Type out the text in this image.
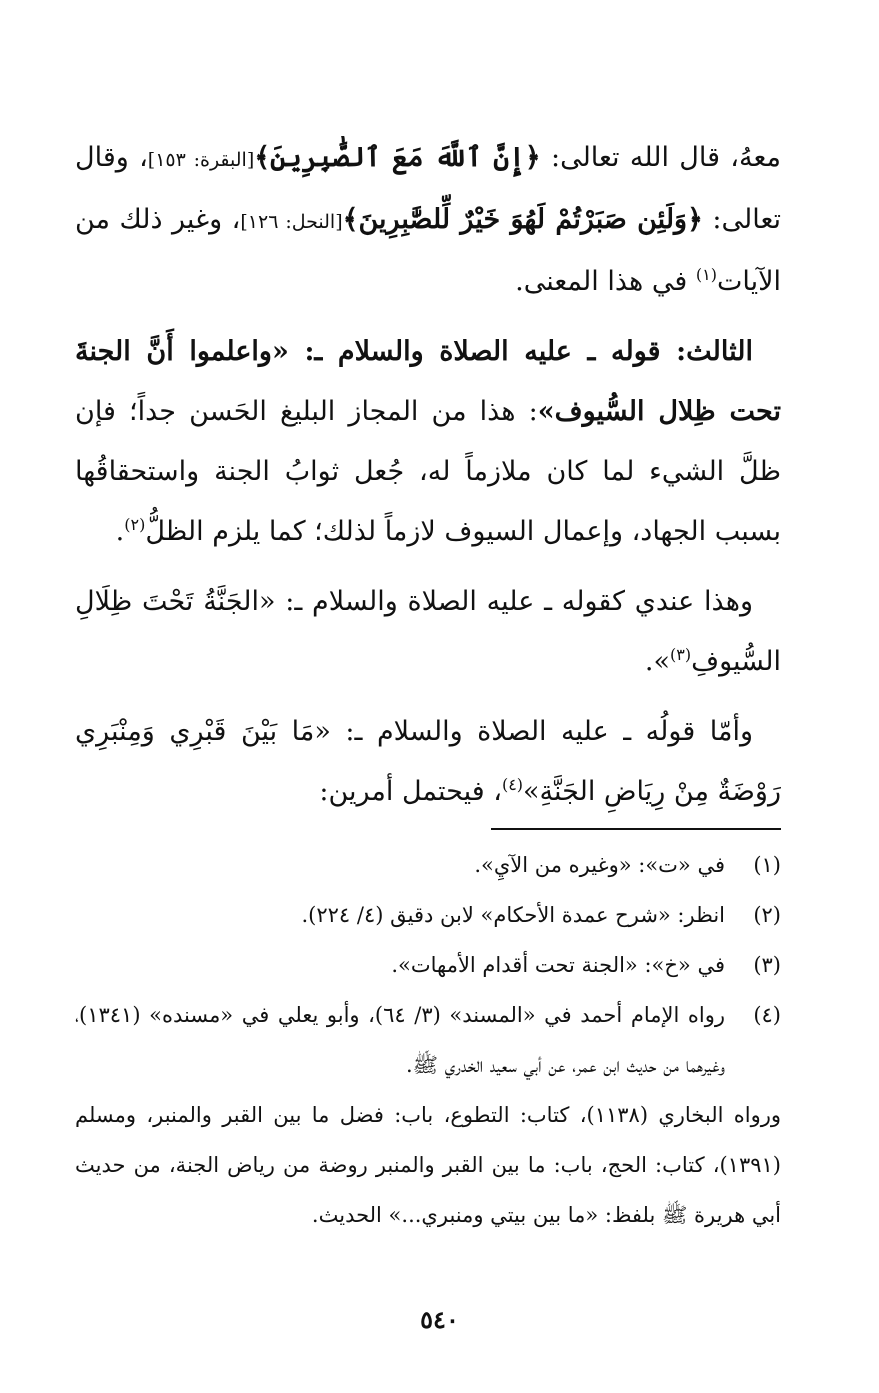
معهُ، قال الله تعالى: ﴿إِنَّ ٱللَّهَ مَعَ ٱلصَّٰبِرِينَ﴾[البقرة: ١٥٣]، وقال تعالى: ﴿وَلَئِن صَبَرْتُمْ لَهُوَ خَيْرٌ لِّلصَّٰبِرِينَ﴾[النحل: ١٢٦]، وغير ذلك من الآيات$^{(١)}$ في هذا المعنى.

الثالث: قوله ـ عليه الصلاة والسلام ـ: «واعلموا أَنَّ الجنةَ تحت ظِلال السُّيوف»: هذا من المجاز البليغ الحَسن جداً؛ فإن ظلَّ الشيء لما كان ملازماً له، جُعل ثوابُ الجنة واستحقاقُها بسبب الجهاد، وإعمال السيوف لازماً لذلك؛ كما يلزم الظلُّ$^{(٢)}$.

وهذا عندي كقوله ـ عليه الصلاة والسلام ـ: «الجَنَّةُ تَحْتَ ظِلَالِ السُّيوفِ$^{(٣)}$».

وأمّا قولُه ـ عليه الصلاة والسلام ـ: «مَا بَيْنَ قَبْرِي وَمِنْبَرِي رَوْضَةٌ مِنْ رِيَاضِ الجَنَّةِ»$^{(٤)}$، فيحتمل أمرين:

(١)
في «ت»: «وغيره من الآيِ».
(٢)
انظر: «شرح عمدة الأحكام» لابن دقيق (٤/ ٢٢٤).
(٣)
في «خ»: «الجنة تحت أقدام الأمهات».
(٤)
رواه الإمام أحمد في «المسند» (٣/ ٦٤)، وأبو يعلي في «مسنده» (١٣٤١)، وغيرهما من حديث ابن عمر، عن أبي سعيد الخدري ﷺ.

ورواه البخاري (١١٣٨)، كتاب: التطوع، باب: فضل ما بين القبر والمنبر، ومسلم (١٣٩١)، كتاب: الحج، باب: ما بين القبر والمنبر روضة من رياض الجنة، من حديث أبي هريرة ﷺ بلفظ: «ما بين بيتي ومنبري...» الحديث.

٥٤٠
